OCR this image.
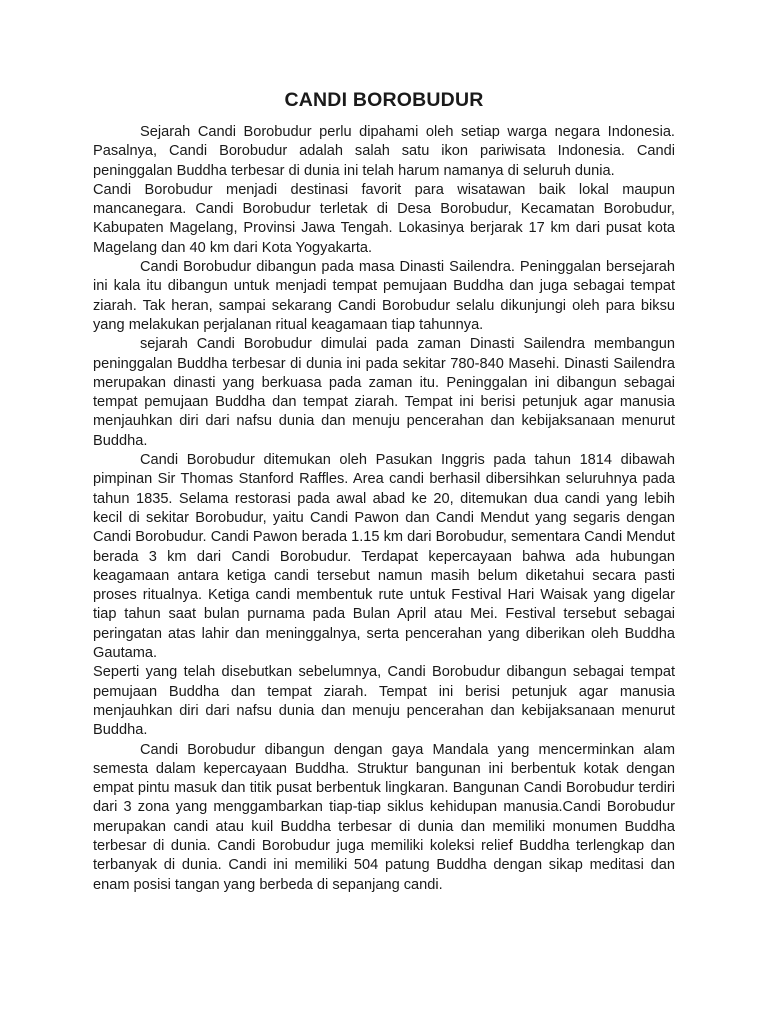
CANDI BOROBUDUR

Sejarah Candi Borobudur perlu dipahami oleh setiap warga negara Indonesia. Pasalnya, Candi Borobudur adalah salah satu ikon pariwisata Indonesia. Candi peninggalan Buddha terbesar di dunia ini telah harum namanya di seluruh dunia.

Candi Borobudur menjadi destinasi favorit para wisatawan baik lokal maupun mancanegara. Candi Borobudur terletak di Desa Borobudur, Kecamatan Borobudur, Kabupaten Magelang, Provinsi Jawa Tengah. Lokasinya berjarak 17 km dari pusat kota Magelang dan 40 km dari Kota Yogyakarta.

Candi Borobudur dibangun pada masa Dinasti Sailendra. Peninggalan bersejarah ini kala itu dibangun untuk menjadi tempat pemujaan Buddha dan juga sebagai tempat ziarah. Tak heran, sampai sekarang Candi Borobudur selalu dikunjungi oleh para biksu yang melakukan perjalanan ritual keagamaan tiap tahunnya.

sejarah Candi Borobudur dimulai pada zaman Dinasti Sailendra membangun peninggalan Buddha terbesar di dunia ini pada sekitar 780-840 Masehi. Dinasti Sailendra merupakan dinasti yang berkuasa pada zaman itu. Peninggalan ini dibangun sebagai tempat pemujaan Buddha dan tempat ziarah. Tempat ini berisi petunjuk agar manusia menjauhkan diri dari nafsu dunia dan menuju pencerahan dan kebijaksanaan menurut Buddha.

Candi Borobudur ditemukan oleh Pasukan Inggris pada tahun 1814 dibawah pimpinan Sir Thomas Stanford Raffles. Area candi berhasil dibersihkan seluruhnya pada tahun 1835. Selama restorasi pada awal abad ke 20, ditemukan dua candi yang lebih kecil di sekitar Borobudur, yaitu Candi Pawon dan Candi Mendut yang segaris dengan Candi Borobudur. Candi Pawon berada 1.15 km dari Borobudur, sementara Candi Mendut berada 3 km dari Candi Borobudur. Terdapat kepercayaan bahwa ada hubungan keagamaan antara ketiga candi tersebut namun masih belum diketahui secara pasti proses ritualnya. Ketiga candi membentuk rute untuk Festival Hari Waisak yang digelar tiap tahun saat bulan purnama pada Bulan April atau Mei. Festival tersebut sebagai peringatan atas lahir dan meninggalnya, serta pencerahan yang diberikan oleh Buddha Gautama.

Seperti yang telah disebutkan sebelumnya, Candi Borobudur dibangun sebagai tempat pemujaan Buddha dan tempat ziarah. Tempat ini berisi petunjuk agar manusia menjauhkan diri dari nafsu dunia dan menuju pencerahan dan kebijaksanaan menurut Buddha.

Candi Borobudur dibangun dengan gaya Mandala yang mencerminkan alam semesta dalam kepercayaan Buddha. Struktur bangunan ini berbentuk kotak dengan empat pintu masuk dan titik pusat berbentuk lingkaran. Bangunan Candi Borobudur terdiri dari 3 zona yang menggambarkan tiap-tiap siklus kehidupan manusia.Candi Borobudur merupakan candi atau kuil Buddha terbesar di dunia dan memiliki monumen Buddha terbesar di dunia. Candi Borobudur juga memiliki koleksi relief Buddha terlengkap dan terbanyak di dunia. Candi ini memiliki 504 patung Buddha dengan sikap meditasi dan enam posisi tangan yang berbeda di sepanjang candi.
